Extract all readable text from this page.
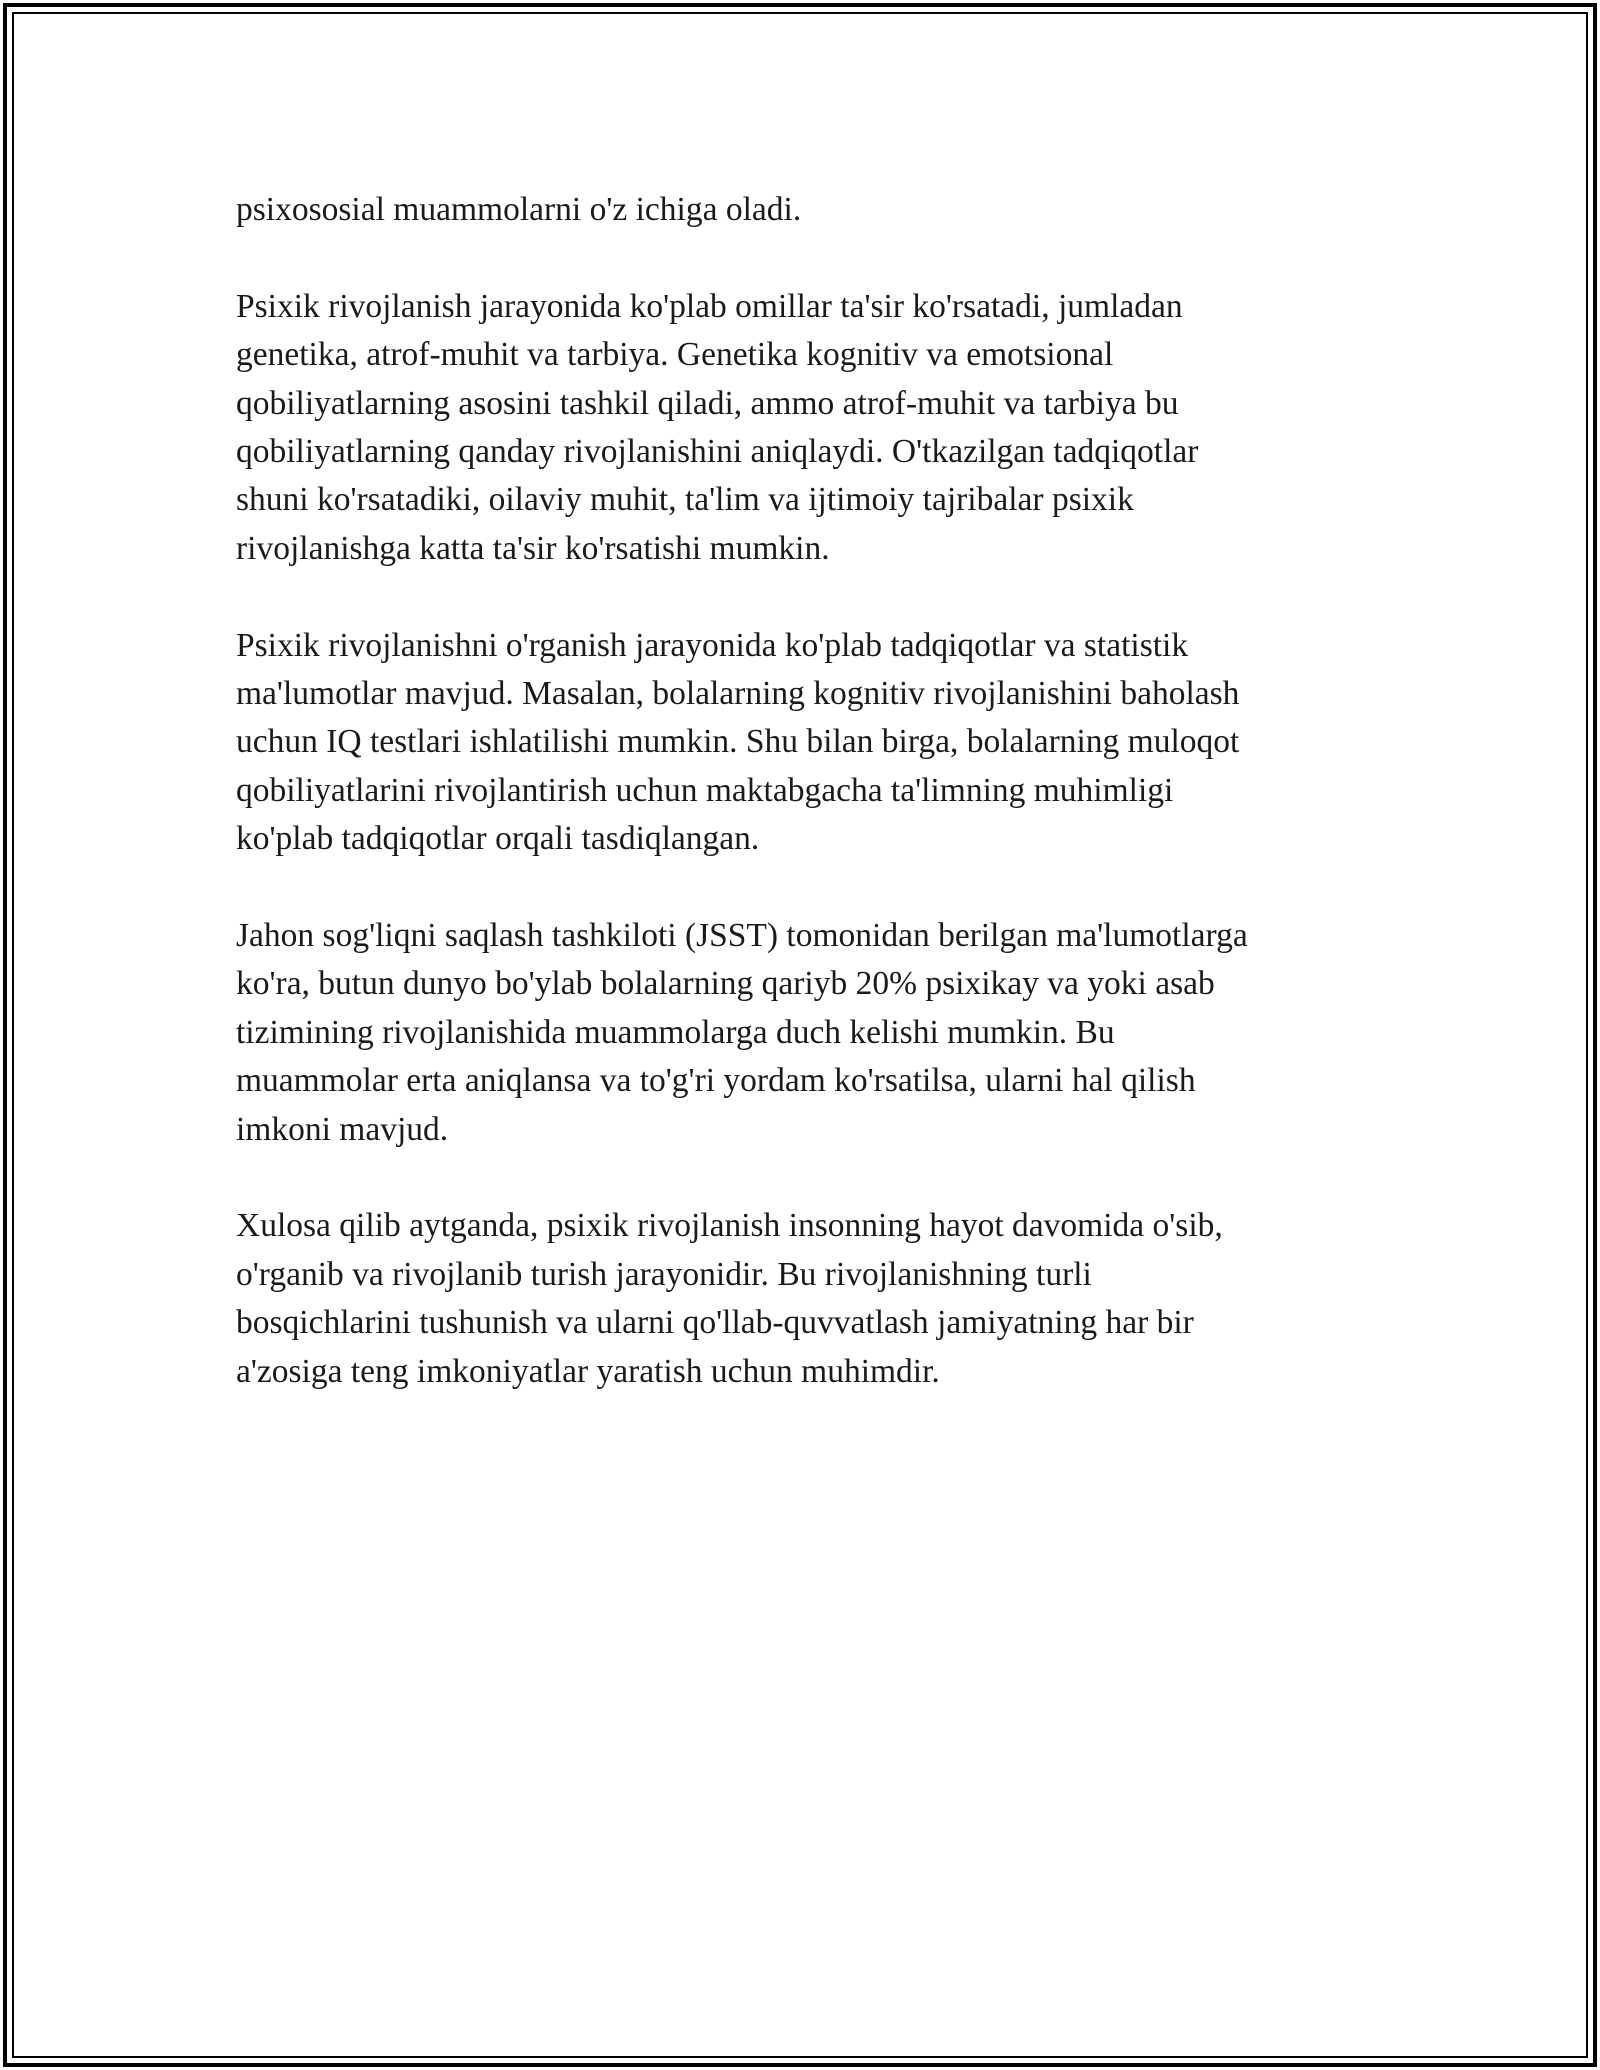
psixososial muammolarni o'z ichiga oladi.

Psixik rivojlanish jarayonida ko'plab omillar ta'sir ko'rsatadi, jumladan
genetika, atrof-muhit va tarbiya. Genetika kognitiv va emotsional
qobiliyatlarning asosini tashkil qiladi, ammo atrof-muhit va tarbiya bu
qobiliyatlarning qanday rivojlanishini aniqlaydi. O'tkazilgan tadqiqotlar
shuni ko'rsatadiki, oilaviy muhit, ta'lim va ijtimoiy tajribalar psixik
rivojlanishga katta ta'sir ko'rsatishi mumkin.

Psixik rivojlanishni o'rganish jarayonida ko'plab tadqiqotlar va statistik
ma'lumotlar mavjud. Masalan, bolalarning kognitiv rivojlanishini baholash
uchun IQ testlari ishlatilishi mumkin. Shu bilan birga, bolalarning muloqot
qobiliyatlarini rivojlantirish uchun maktabgacha ta'limning muhimligi
ko'plab tadqiqotlar orqali tasdiqlangan.

Jahon sog'liqni saqlash tashkiloti (JSST) tomonidan berilgan ma'lumotlarga
ko'ra, butun dunyo bo'ylab bolalarning qariyb 20% psixikay va yoki asab
tizimining rivojlanishida muammolarga duch kelishi mumkin. Bu
muammolar erta aniqlansa va to'g'ri yordam ko'rsatilsa, ularni hal qilish
imkoni mavjud.

Xulosa qilib aytganda, psixik rivojlanish insonning hayot davomida o'sib,
o'rganib va rivojlanib turish jarayonidir. Bu rivojlanishning turli
bosqichlarini tushunish va ularni qo'llab-quvvatlash jamiyatning har bir
a'zosiga teng imkoniyatlar yaratish uchun muhimdir.
